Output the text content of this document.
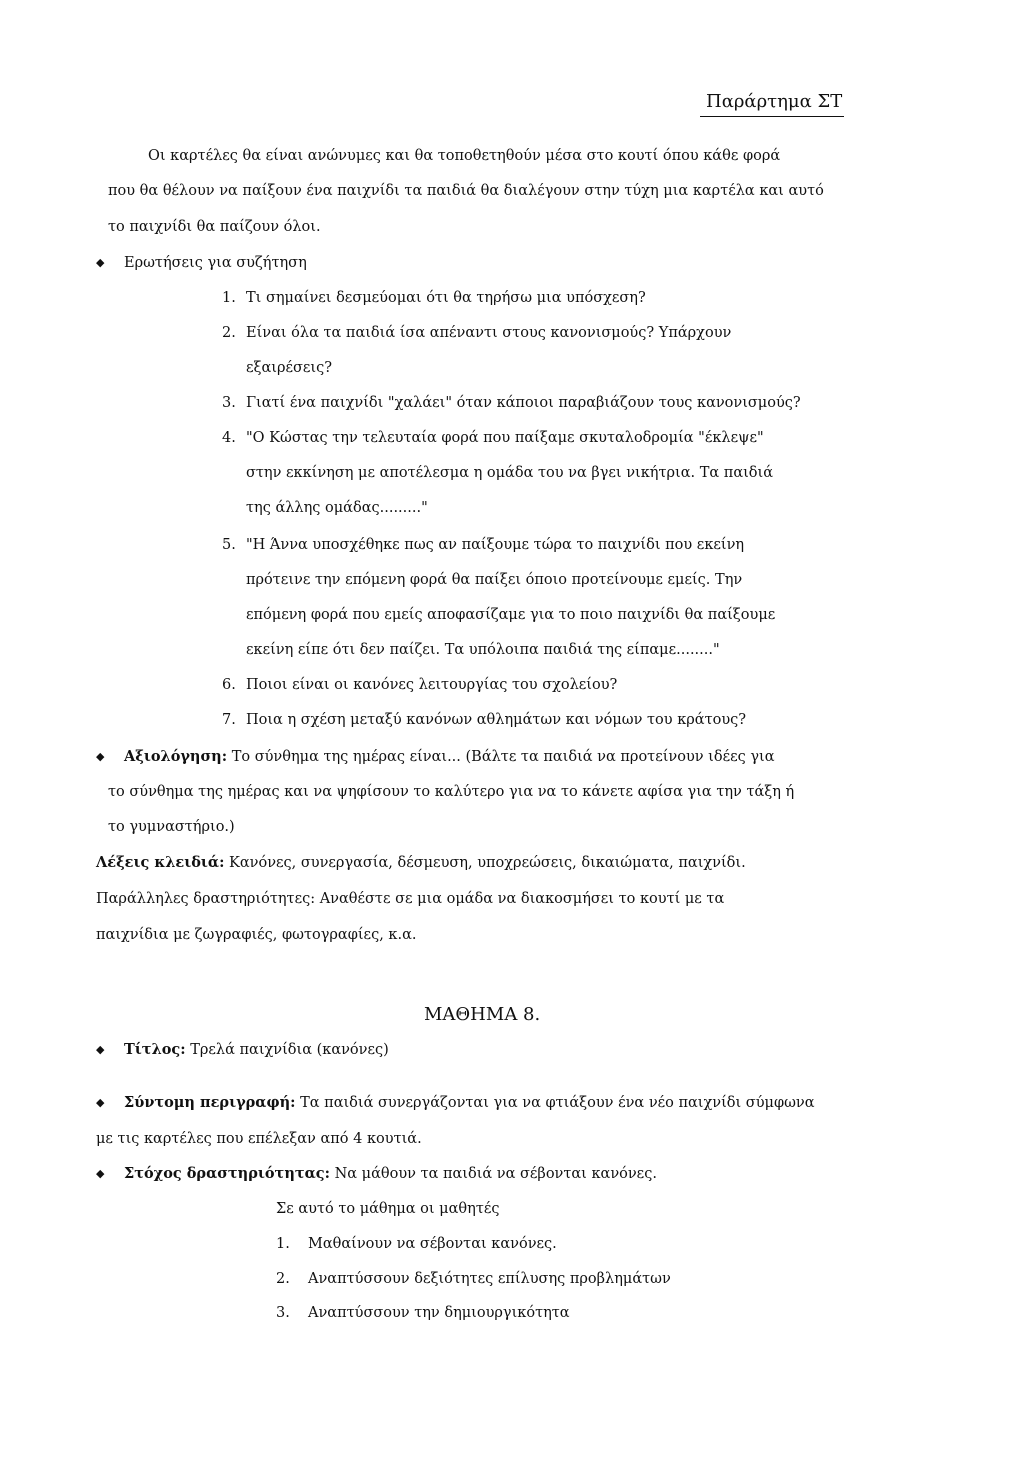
Παράρτημα ΣΤ
Οι καρτέλες θα είναι ανώνυμες και θα τοποθετηθούν μέσα στο κουτί όπου κάθε φορά
που θα θέλουν να παίξουν ένα παιχνίδι τα παιδιά θα διαλέγουν στην τύχη μια καρτέλα και αυτό
το παιχνίδι θα παίζουν όλοι.
◆ Ερωτήσεις για συζήτηση
1. Τι σημαίνει δεσμεύομαι ότι θα τηρήσω μια υπόσχεση?
2. Είναι όλα τα παιδιά ίσα απέναντι στους κανονισμούς? Υπάρχουν
εξαιρέσεις?
3. Γιατί ένα παιχνίδι "χαλάει" όταν κάποιοι παραβιάζουν τους κανονισμούς?
4. "Ο Κώστας την τελευταία φορά που παίξαμε σκυταλοδρομία "έκλεψε"
στην εκκίνηση με αποτέλεσμα η ομάδα του να βγει νικήτρια. Τα παιδιά
της άλλης ομάδας........."
5. "Η Άννα υποσχέθηκε πως αν παίξουμε τώρα το παιχνίδι που εκείνη
πρότεινε την επόμενη φορά θα παίξει όποιο προτείνουμε εμείς. Την
επόμενη φορά που εμείς αποφασίζαμε για το ποιο παιχνίδι θα παίξουμε
εκείνη είπε ότι δεν παίζει. Τα υπόλοιπα παιδιά της είπαμε........"
6. Ποιοι είναι οι κανόνες λειτουργίας του σχολείου?
7. Ποια η σχέση μεταξύ κανόνων αθλημάτων και νόμων του κράτους?
◆ Αξιολόγηση: Το σύνθημα της ημέρας είναι... (Βάλτε τα παιδιά να προτείνουν ιδέες για
το σύνθημα της ημέρας και να ψηφίσουν το καλύτερο για να το κάνετε αφίσα για την τάξη ή
το γυμναστήριο.)
Λέξεις κλειδιά: Κανόνες, συνεργασία, δέσμευση, υποχρεώσεις, δικαιώματα, παιχνίδι.
Παράλληλες δραστηριότητες: Αναθέστε σε μια ομάδα να διακοσμήσει το κουτί με τα
παιχνίδια με ζωγραφιές, φωτογραφίες, κ.α.
ΜΑΘΗΜΑ 8.
◆ Τίτλος: Τρελά παιχνίδια (κανόνες)
◆ Σύντομη περιγραφή: Τα παιδιά συνεργάζονται για να φτιάξουν ένα νέο παιχνίδι σύμφωνα
με τις καρτέλες που επέλεξαν από 4 κουτιά.
◆ Στόχος δραστηριότητας: Να μάθουν τα παιδιά να σέβονται κανόνες.
Σε αυτό το μάθημα οι μαθητές
1. Μαθαίνουν να σέβονται κανόνες.
2. Αναπτύσσουν δεξιότητες επίλυσης προβλημάτων
3. Αναπτύσσουν την δημιουργικότητα
